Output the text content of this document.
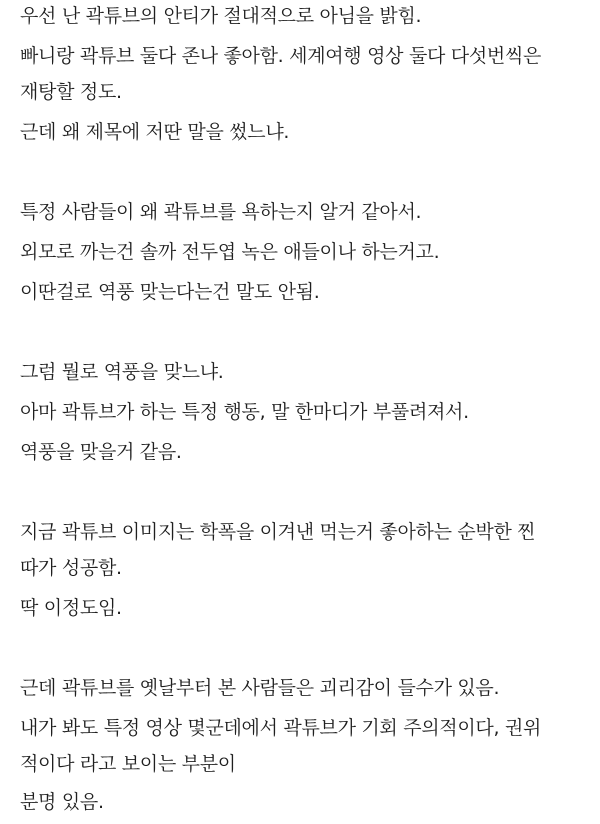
우선 난 곽튜브의 안티가 절대적으로 아님을 밝힘.

빠니랑 곽튜브 둘다 존나 좋아함. 세계여행 영상 둘다 다섯번씩은

재탕할 정도.

근데 왜 제목에 저딴 말을 썼느냐.

특정 사람들이 왜 곽튜브를 욕하는지 알거 같아서.

외모로 까는건 솔까 전두엽 녹은 애들이나 하는거고.

이딴걸로 역풍 맞는다는건 말도 안됨.

그럼 뭘로 역풍을 맞느냐.

아마 곽튜브가 하는 특정 행동, 말 한마디가 부풀려져서.

역풍을 맞을거 같음.

지금 곽튜브 이미지는 학폭을 이겨낸 먹는거 좋아하는 순박한 찐

따가 성공함.

딱 이정도임.

근데 곽튜브를 옛날부터 본 사람들은 괴리감이 들수가 있음.

내가 봐도 특정 영상 몇군데에서 곽튜브가 기회 주의적이다, 권위

적이다 라고 보이는 부분이

분명 있음.
